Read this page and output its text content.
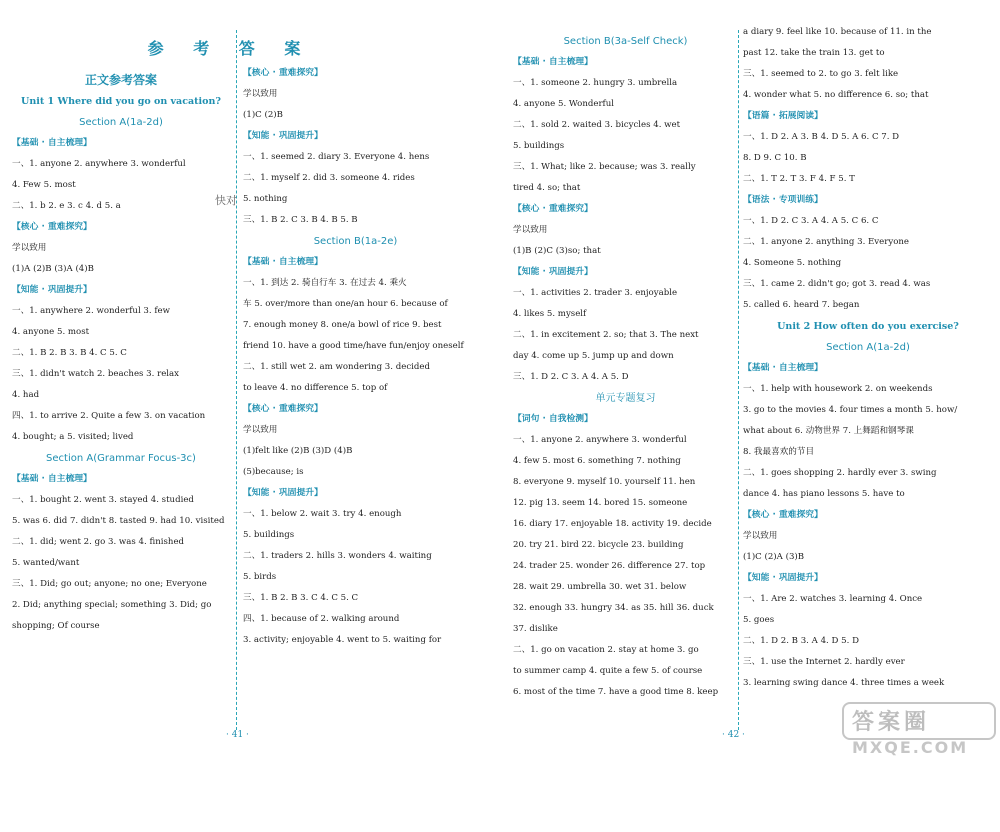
参 考 答 案
正文参考答案
Unit 1 Where did you go on vacation?
Section A(1a-2d)
【基础 · 自主梳理】
一、1. anyone 2. anywhere 3. wonderful
4. Few 5. most
二、1. b 2. e 3. c 4. d 5. a
【核心 · 重难探究】
学以致用
(1)A (2)B (3)A (4)B
【知能 · 巩固提升】
一、1. anywhere 2. wonderful 3. few
4. anyone 5. most
二、1. B 2. B 3. B 4. C 5. C
三、1. didn't watch 2. beaches 3. relax
4. had
四、1. to arrive 2. Quite a few 3. on vacation
4. bought; a 5. visited; lived
Section A(Grammar Focus-3c)
【基础 · 自主梳理】
一、1. bought 2. went 3. stayed 4. studied
5. was 6. did 7. didn't 8. tasted 9. had 10. visited
二、1. did; went 2. go 3. was 4. finished
5. wanted/want
三、1. Did; go out; anyone; no one; Everyone
2. Did; anything special; something 3. Did; go
shopping; Of course
【核心 · 重难探究】
学以致用
(1)C (2)B
【知能 · 巩固提升】
一、1. seemed 2. diary 3. Everyone 4. hens
二、1. myself 2. did 3. someone 4. rides
5. nothing
三、1. B 2. C 3. B 4. B 5. B
Section B(1a-2e)
【基础 · 自主梳理】
一、1. 到达 2. 骑自行车 3. 在过去 4. 乘火
车 5. over/more than one/an hour 6. because of
7. enough money 8. one/a bowl of rice 9. best
friend 10. have a good time/have fun/enjoy oneself
二、1. still wet 2. am wondering 3. decided
to leave 4. no difference 5. top of
【核心 · 重难探究】
学以致用
(1)felt like (2)B (3)D (4)B
(5)because; is
【知能 · 巩固提升】
一、1. below 2. wait 3. try 4. enough
5. buildings
二、1. traders 2. hills 3. wonders 4. waiting
5. birds
三、1. B 2. B 3. C 4. C 5. C
四、1. because of 2. walking around
3. activity; enjoyable 4. went to 5. waiting for
Section B(3a-Self Check)
【基础 · 自主梳理】
一、1. someone 2. hungry 3. umbrella
4. anyone 5. Wonderful
二、1. sold 2. waited 3. bicycles 4. wet
5. buildings
三、1. What; like 2. because; was 3. really
tired 4. so; that
【核心 · 重难探究】
学以致用
(1)B (2)C (3)so; that
【知能 · 巩固提升】
一、1. activities 2. trader 3. enjoyable
4. likes 5. myself
二、1. in excitement 2. so; that 3. The next
day 4. come up 5. jump up and down
三、1. D 2. C 3. A 4. A 5. D
单元专题复习
【词句 · 自我检测】
一、1. anyone 2. anywhere 3. wonderful
4. few 5. most 6. something 7. nothing
8. everyone 9. myself 10. yourself 11. hen
12. pig 13. seem 14. bored 15. someone
16. diary 17. enjoyable 18. activity 19. decide
20. try 21. bird 22. bicycle 23. building
24. trader 25. wonder 26. difference 27. top
28. wait 29. umbrella 30. wet 31. below
32. enough 33. hungry 34. as 35. hill 36. duck
37. dislike
二、1. go on vacation 2. stay at home 3. go
to summer camp 4. quite a few 5. of course
6. most of the time 7. have a good time 8. keep
a diary 9. feel like 10. because of 11. in the
past 12. take the train 13. get to
三、1. seemed to 2. to go 3. felt like
4. wonder what 5. no difference 6. so; that
【语篇 · 拓展阅读】
一、1. D 2. A 3. B 4. D 5. A 6. C 7. D
8. D 9. C 10. B
二、1. T 2. T 3. F 4. F 5. T
【语法 · 专项训练】
一、1. D 2. C 3. A 4. A 5. C 6. C
二、1. anyone 2. anything 3. Everyone
4. Someone 5. nothing
三、1. came 2. didn't go; got 3. read 4. was
5. called 6. heard 7. began
Unit 2 How often do you exercise?
Section A(1a-2d)
【基础 · 自主梳理】
一、1. help with housework 2. on weekends
3. go to the movies 4. four times a month 5. how/
what about 6. 动物世界 7. 上舞蹈和钢琴课
8. 我最喜欢的节目
二、1. goes shopping 2. hardly ever 3. swing
dance 4. has piano lessons 5. have to
【核心 · 重难探究】
学以致用
(1)C (2)A (3)B
【知能 · 巩固提升】
一、1. Are 2. watches 3. learning 4. Once
5. goes
二、1. D 2. B 3. A 4. D 5. D
三、1. use the Internet 2. hardly ever
3. learning swing dance 4. three times a week
快对
· 41 ·	· 42 ·	答案圈
MXQE.COM
